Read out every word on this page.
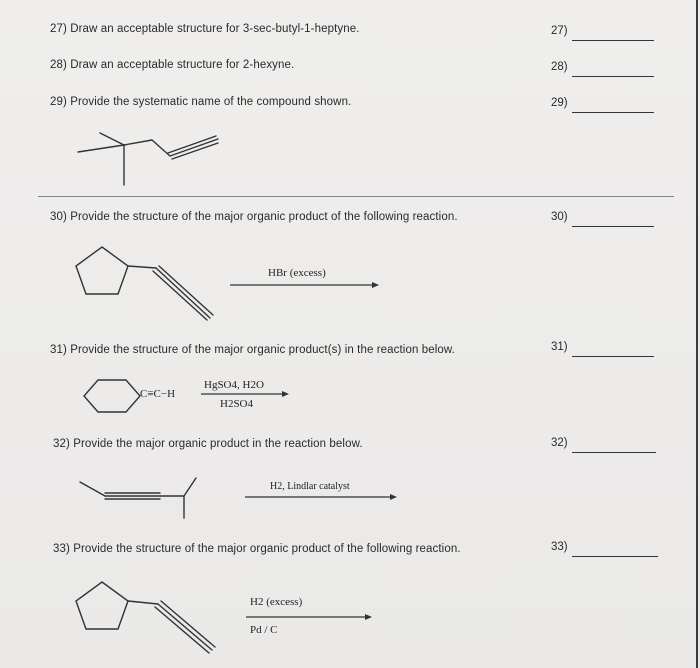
27) Draw an acceptable structure for 3-sec-butyl-1-heptyne.	27)
28) Draw an acceptable structure for 2-hexyne.	28)
29) Provide the systematic name of the compound shown.	29)
30) Provide the structure of the major organic product of the following reaction.	30)
HBr (excess)
31) Provide the structure of the major organic product(s) in the reaction below.	31)
C≡C−H
HgSO4, H2O
H2SO4
32) Provide the major organic product in the reaction below.	32)
H2, Lindlar catalyst
33) Provide the structure of the major organic product of the following reaction.	33)
H2 (excess)
Pd / C
